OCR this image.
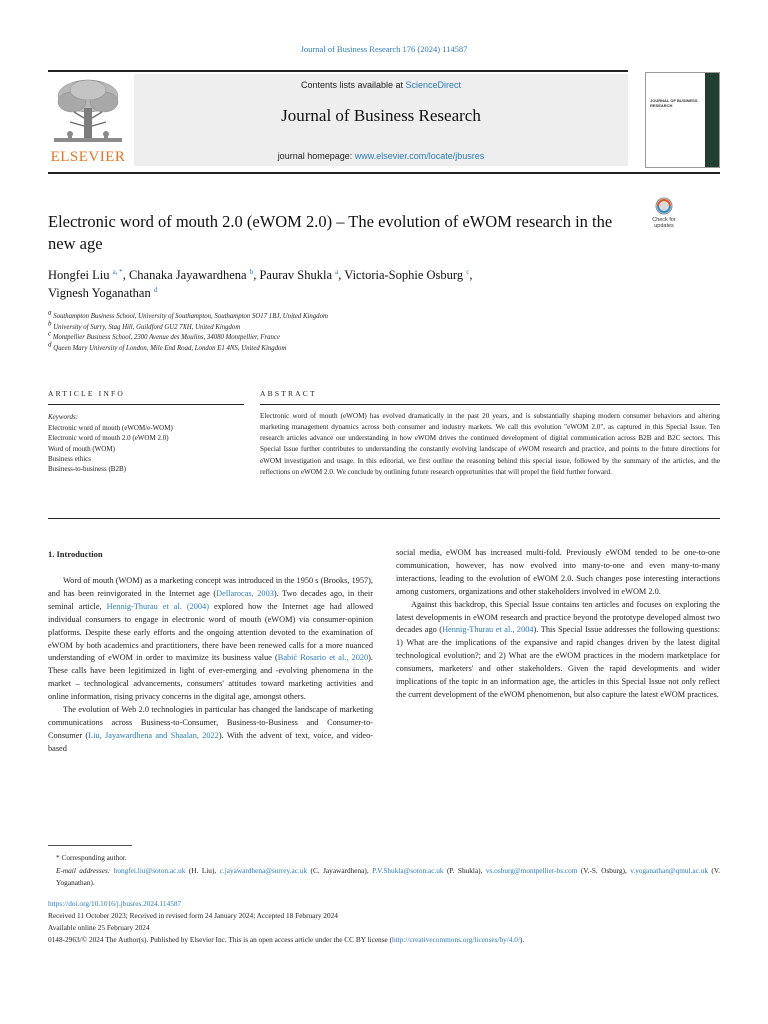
Journal of Business Research 176 (2024) 114587
Contents lists available at ScienceDirect
Journal of Business Research
journal homepage: www.elsevier.com/locate/jbusres
ELSEVIER
JOURNAL OF BUSINESS RESEARCH
Electronic word of mouth 2.0 (eWOM 2.0) – The evolution of eWOM research in the new age
Check for
updates
Hongfei Liu $^{a, *}$, Chanaka Jayawardhena $^b$, Paurav Shukla $^a$, Victoria-Sophie Osburg $^c$,
Vignesh Yoganathan $^d$
$^a$ Southampton Business School, University of Southampton, Southampton SO17 1BJ, United Kingdom
$^b$ University of Surry, Stag Hill, Guildford GU2 7XH, United Kingdom
$^c$ Montpellier Business School, 2300 Avenue des Moulins, 34080 Montpellier, France
$^d$ Queen Mary University of London, Mile End Road, London E1 4NS, United Kingdom
ARTICLE INFO	ABSTRACT
Keywords:
Electronic word of mouth (eWOM/e-WOM)
Electronic word of mouth 2.0 (eWOM 2.0)
Word of mouth (WOM)
Business ethics
Business-to-business (B2B)
Electronic word of mouth (eWOM) has evolved dramatically in the past 20 years, and is substantially shaping modern consumer behaviors and altering marketing management dynamics across both consumer and industry markets. We call this evolution "eWOM 2.0", as captured in this Special Issue. Ten research articles advance our understanding in how eWOM drives the continued development of digital communication across B2B and B2C sectors. This Special Issue further contributes to understanding the constantly evolving landscape of eWOM research and practice, and points to the future directions for eWOM investigation and usage. In this editorial, we first outline the reasoning behind this special issue, followed by the summary of the articles, and the reflections on eWOM 2.0. We conclude by outlining future research opportunities that will propel the field further forward.
1. Introduction

Word of mouth (WOM) as a marketing concept was introduced in the 1950 s (Brooks, 1957), and has been reinvigorated in the Internet age (Dellarocas, 2003). Two decades ago, in their seminal article, Hennig-Thurau et al. (2004) explored how the Internet age had allowed individual consumers to engage in electronic word of mouth (eWOM) via consumer-opinion platforms. Despite these early efforts and the ongoing attention devoted to the examination of eWOM by both academics and practitioners, there have been renewed calls for a more nuanced understanding of eWOM in order to maximize its business value (Babić Rosario et al., 2020). These calls have been legitimized in light of ever-emerging and -evolving phenomena in the market – technological advancements, consumers' attitudes toward marketing activities and online information, rising privacy concerns in the digital age, amongst others.

The evolution of Web 2.0 technologies in particular has changed the landscape of marketing communications across Business-to-Consumer, Business-to-Business and Consumer-to-Consumer (Liu, Jayawardhena and Shaalan, 2022). With the advent of text, voice, and video-based

social media, eWOM has increased multi-fold. Previously eWOM tended to be one-to-one communication, however, has now evolved into many-to-one and even many-to-many interactions, leading to the evolution of eWOM 2.0. Such changes pose interesting interactions among customers, organizations and other stakeholders involved in eWOM 2.0.

Against this backdrop, this Special Issue contains ten articles and focuses on exploring the latest developments in eWOM research and practice beyond the prototype developed almost two decades ago (Hennig-Thurau et al., 2004). This Special Issue addresses the following questions: 1) What are the implications of the expansive and rapid changes driven by the latest digital technological evolution?; and 2) What are the eWOM practices in the modern marketplace for consumers, marketers' and other stakeholders. Given the rapid developments and wider implications of the topic in an information age, the articles in this Special Issue not only reflect the current development of the eWOM phenomenon, but also capture the latest eWOM practices.

* Corresponding author.
E-mail addresses: hongfei.liu@soton.ac.uk (H. Liu), c.jayawardhena@surrey.ac.uk (C. Jayawardhena), P.V.Shukla@soton.ac.uk (P. Shukla), vs.osburg@montpellier-bs.com (V.-S. Osburg), v.yoganathan@qmul.ac.uk (V. Yoganathan).
https://doi.org/10.1016/j.jbusres.2024.114587
Received 11 October 2023; Received in revised form 24 January 2024; Accepted 18 February 2024
Available online 25 February 2024
0148-2963/© 2024 The Author(s). Published by Elsevier Inc. This is an open access article under the CC BY license (http://creativecommons.org/licenses/by/4.0/).
